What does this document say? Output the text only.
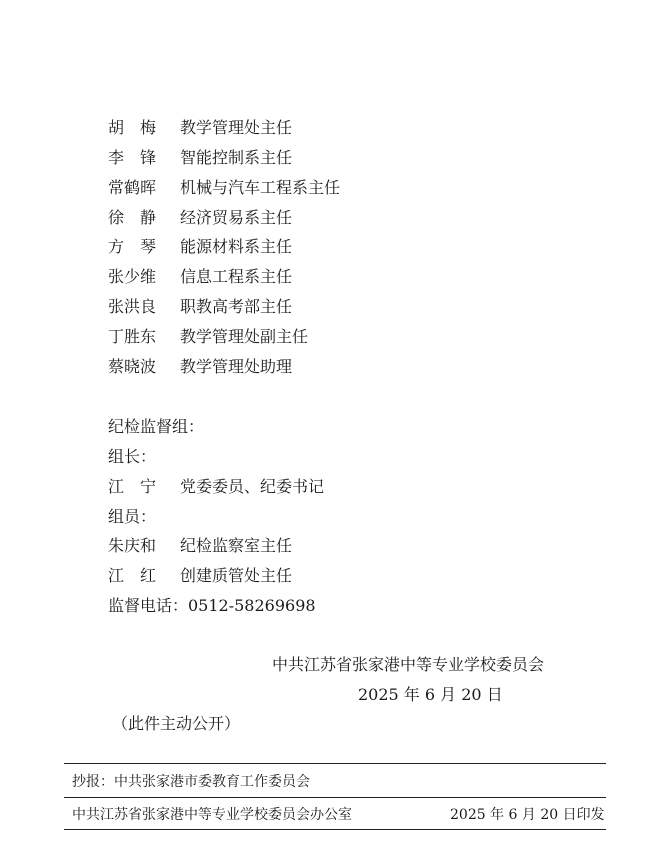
胡　梅 教学管理处主任
李　锋 智能控制系主任
常鹤晖 机械与汽车工程系主任
徐　静 经济贸易系主任
方　琴 能源材料系主任
张少维 信息工程系主任
张洪良 职教高考部主任
丁胜东 教学管理处副主任
蔡晓波 教学管理处助理
纪检监督组：
组长：
江　宁 党委委员、纪委书记
组员：
朱庆和 纪检监察室主任
江　红 创建质管处主任
监督电话：0512-58269698
中共江苏省张家港中等专业学校委员会
2025 年 6 月 20 日
（此件主动公开）
抄报：中共张家港市委教育工作委员会
中共江苏省张家港中等专业学校委员会办公室	2025 年 6 月 20 日印发
